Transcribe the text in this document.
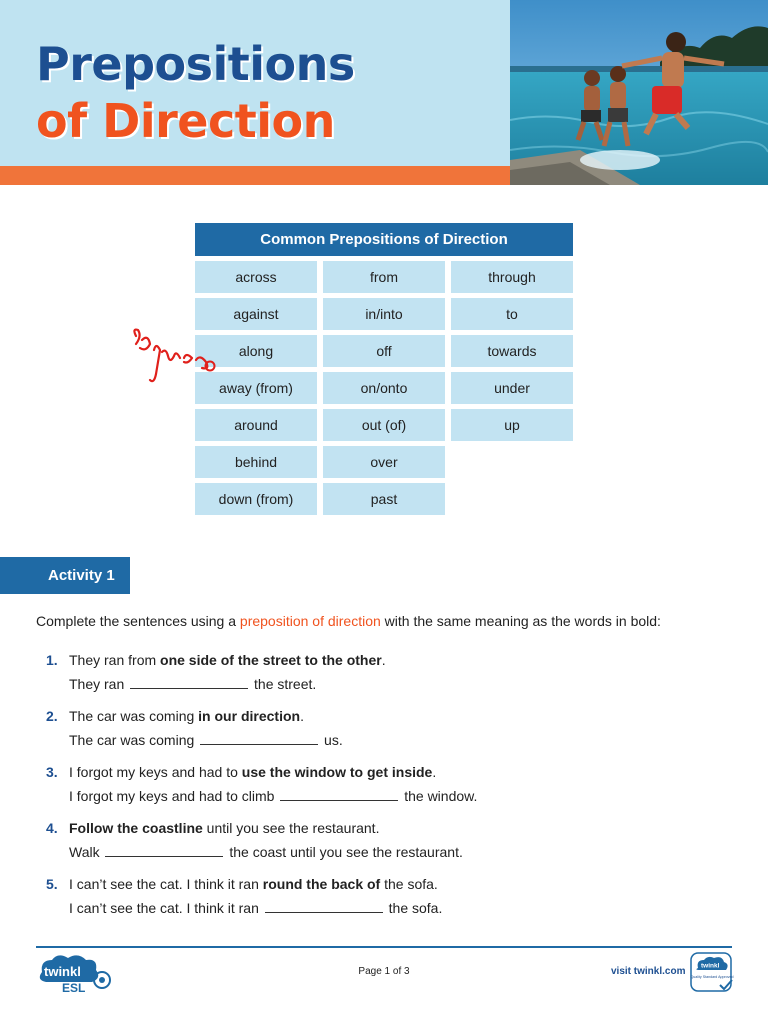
Prepositions
of Direction
Common Prepositions of Direction
across	from	through
against	in/into	to
along	off	towards
away (from)	on/onto	under
around	out (of)	up
behind	over
down (from)	past
Activity 1

Complete the sentences using a preposition of direction with the same meaning as the words in bold:

1. They ran from one side of the street to the other.
They ran	the street.
2. The car was coming in our direction.
The car was coming	us.
3. I forgot my keys and had to use the window to get inside.
I forgot my keys and had to climb	the window.
4. Follow the coastline until you see the restaurant.
Walk	the coast until you see the restaurant.
5. I can’t see the cat. I think it ran round the back of the sofa.
I can’t see the cat. I think it ran	the sofa.
twinkl
ESL
Page 1 of 3	visit twinkl.com twinkl
Quality Standard Approved
